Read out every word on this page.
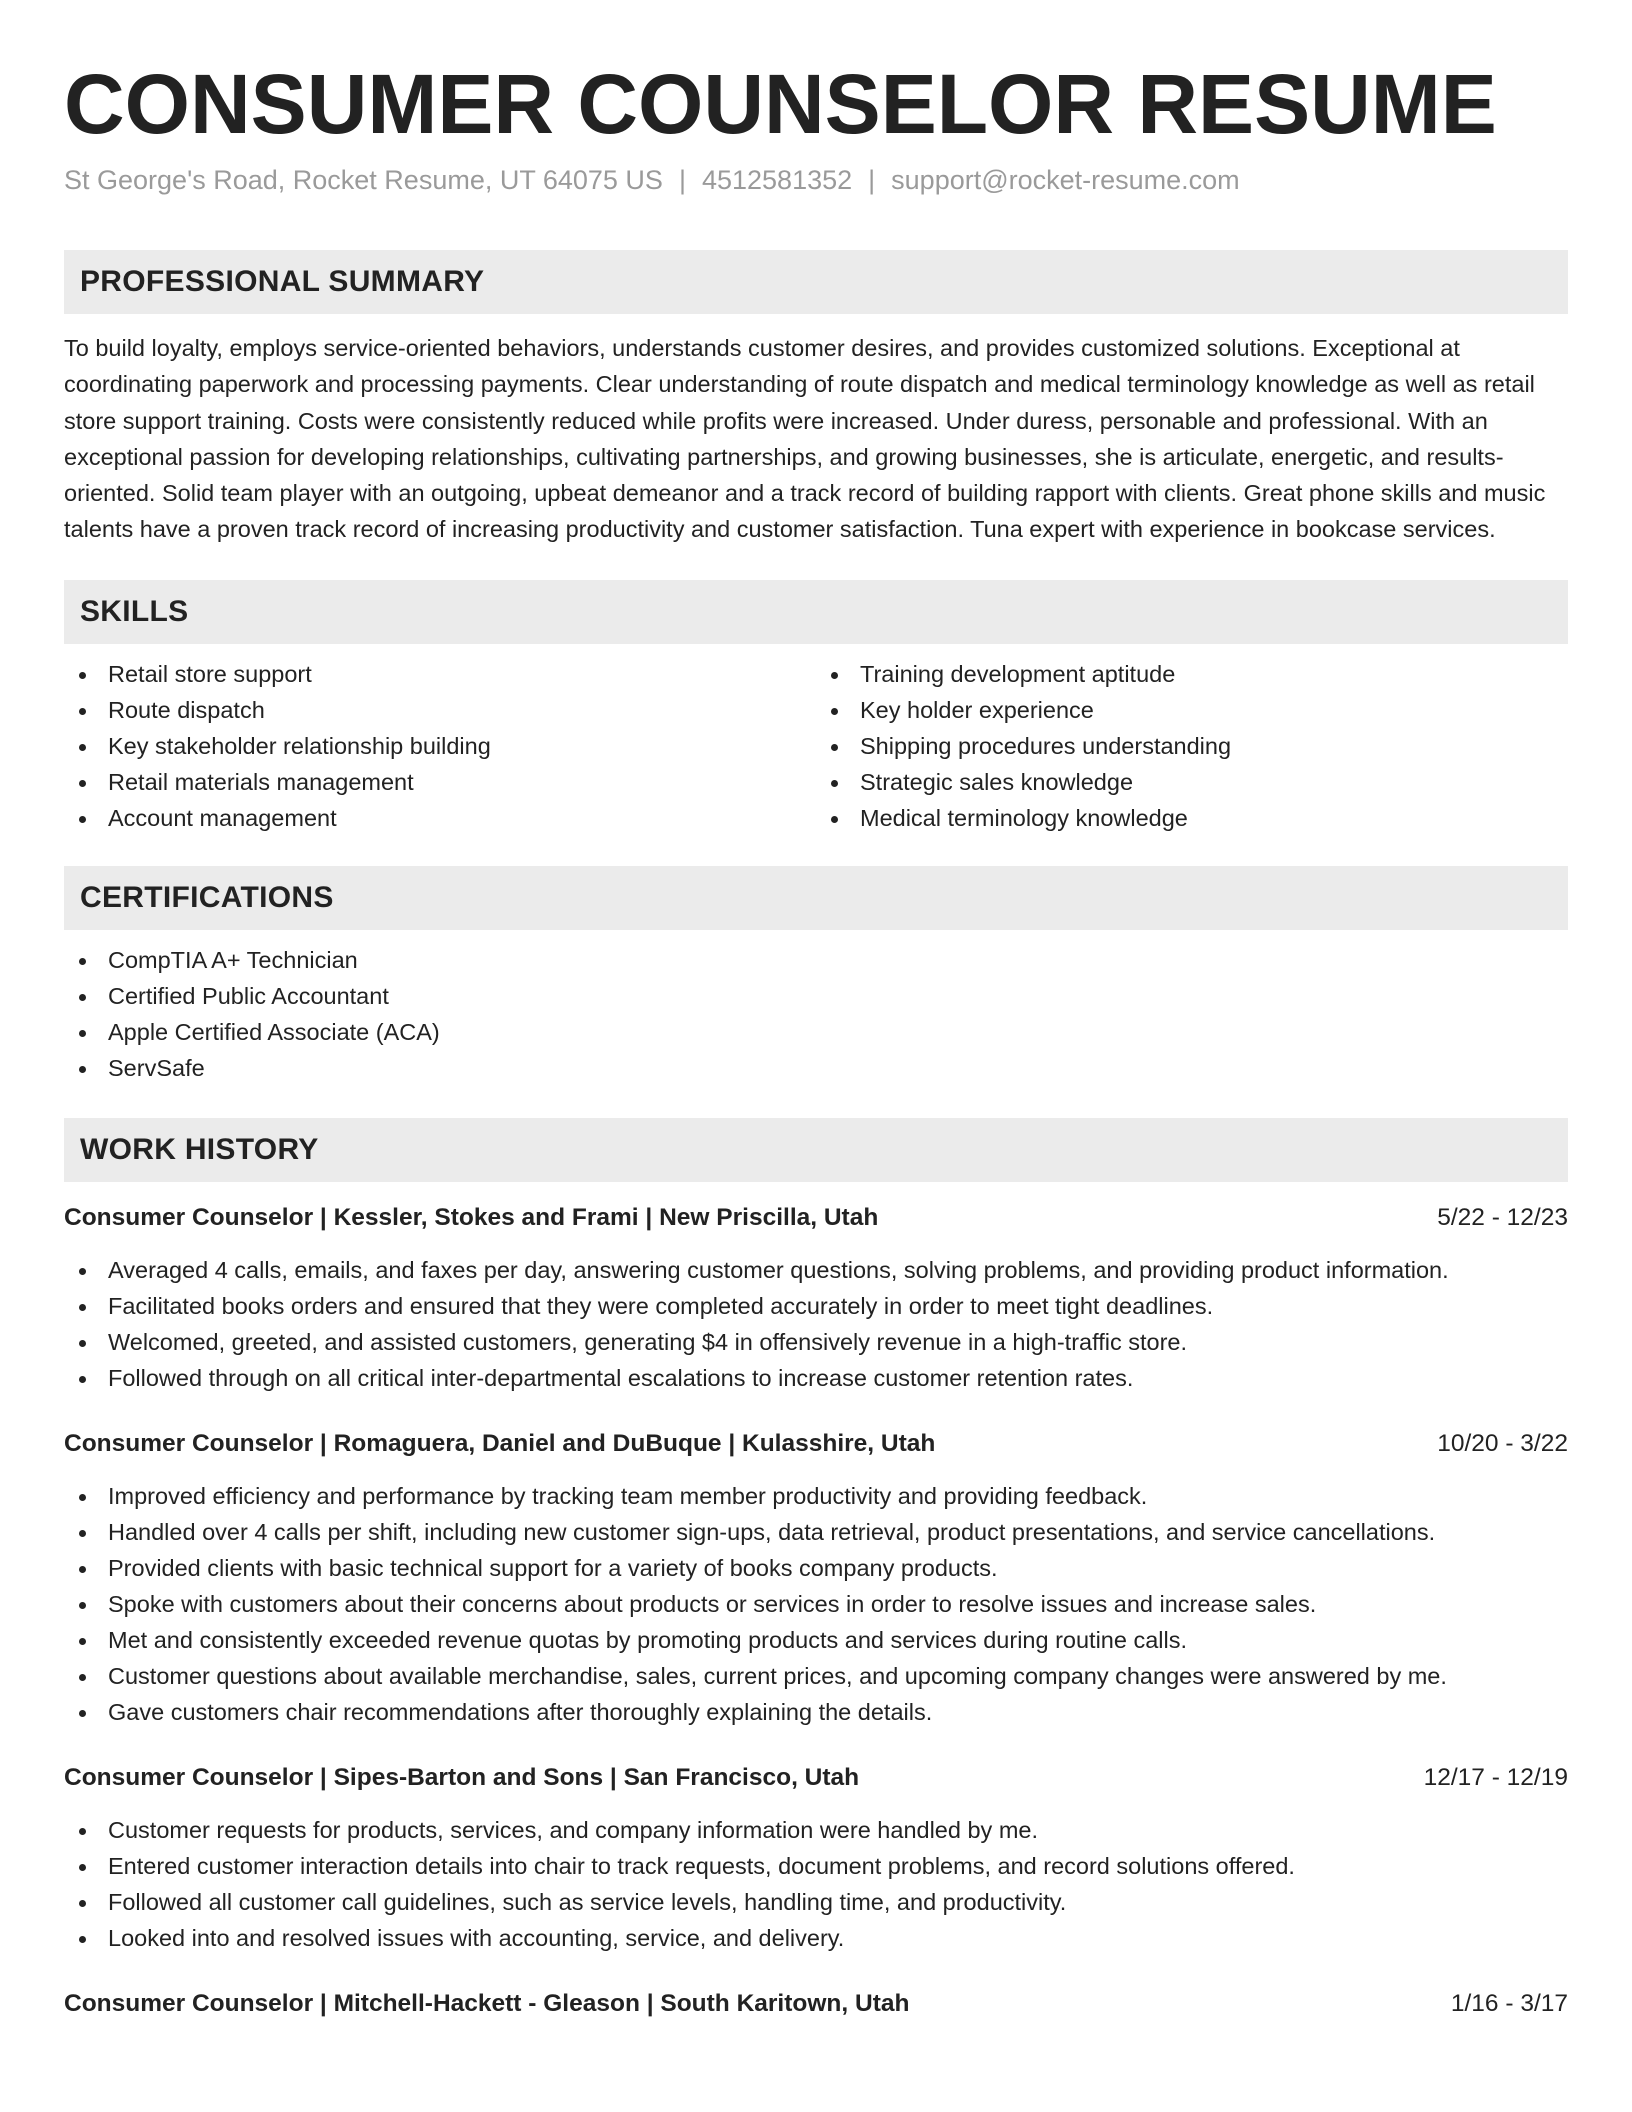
CONSUMER COUNSELOR RESUME
St George's Road, Rocket Resume, UT 64075 US | 4512581352 | support@rocket-resume.com
PROFESSIONAL SUMMARY

To build loyalty, employs service-oriented behaviors, understands customer desires, and provides customized solutions. Exceptional at coordinating paperwork and processing payments. Clear understanding of route dispatch and medical terminology knowledge as well as retail store support training. Costs were consistently reduced while profits were increased. Under duress, personable and professional. With an exceptional passion for developing relationships, cultivating partnerships, and growing businesses, she is articulate, energetic, and results-oriented. Solid team player with an outgoing, upbeat demeanor and a track record of building rapport with clients. Great phone skills and music talents have a proven track record of increasing productivity and customer satisfaction. Tuna expert with experience in bookcase services.

SKILLS
Retail store support
Route dispatch
Key stakeholder relationship building
Retail materials management
Account management
Training development aptitude
Key holder experience
Shipping procedures understanding
Strategic sales knowledge
Medical terminology knowledge
CERTIFICATIONS
CompTIA A+ Technician
Certified Public Accountant
Apple Certified Associate (ACA)
ServSafe
WORK HISTORY
Consumer Counselor | Kessler, Stokes and Frami | New Priscilla, Utah	5/22 - 12/23
Averaged 4 calls, emails, and faxes per day, answering customer questions, solving problems, and providing product information.
Facilitated books orders and ensured that they were completed accurately in order to meet tight deadlines.
Welcomed, greeted, and assisted customers, generating $4 in offensively revenue in a high-traffic store.
Followed through on all critical inter-departmental escalations to increase customer retention rates.
Consumer Counselor | Romaguera, Daniel and DuBuque | Kulasshire, Utah	10/20 - 3/22
Improved efficiency and performance by tracking team member productivity and providing feedback.
Handled over 4 calls per shift, including new customer sign-ups, data retrieval, product presentations, and service cancellations.
Provided clients with basic technical support for a variety of books company products.
Spoke with customers about their concerns about products or services in order to resolve issues and increase sales.
Met and consistently exceeded revenue quotas by promoting products and services during routine calls.
Customer questions about available merchandise, sales, current prices, and upcoming company changes were answered by me.
Gave customers chair recommendations after thoroughly explaining the details.
Consumer Counselor | Sipes-Barton and Sons | San Francisco, Utah	12/17 - 12/19
Customer requests for products, services, and company information were handled by me.
Entered customer interaction details into chair to track requests, document problems, and record solutions offered.
Followed all customer call guidelines, such as service levels, handling time, and productivity.
Looked into and resolved issues with accounting, service, and delivery.
Consumer Counselor | Mitchell-Hackett - Gleason | South Karitown, Utah	1/16 - 3/17
